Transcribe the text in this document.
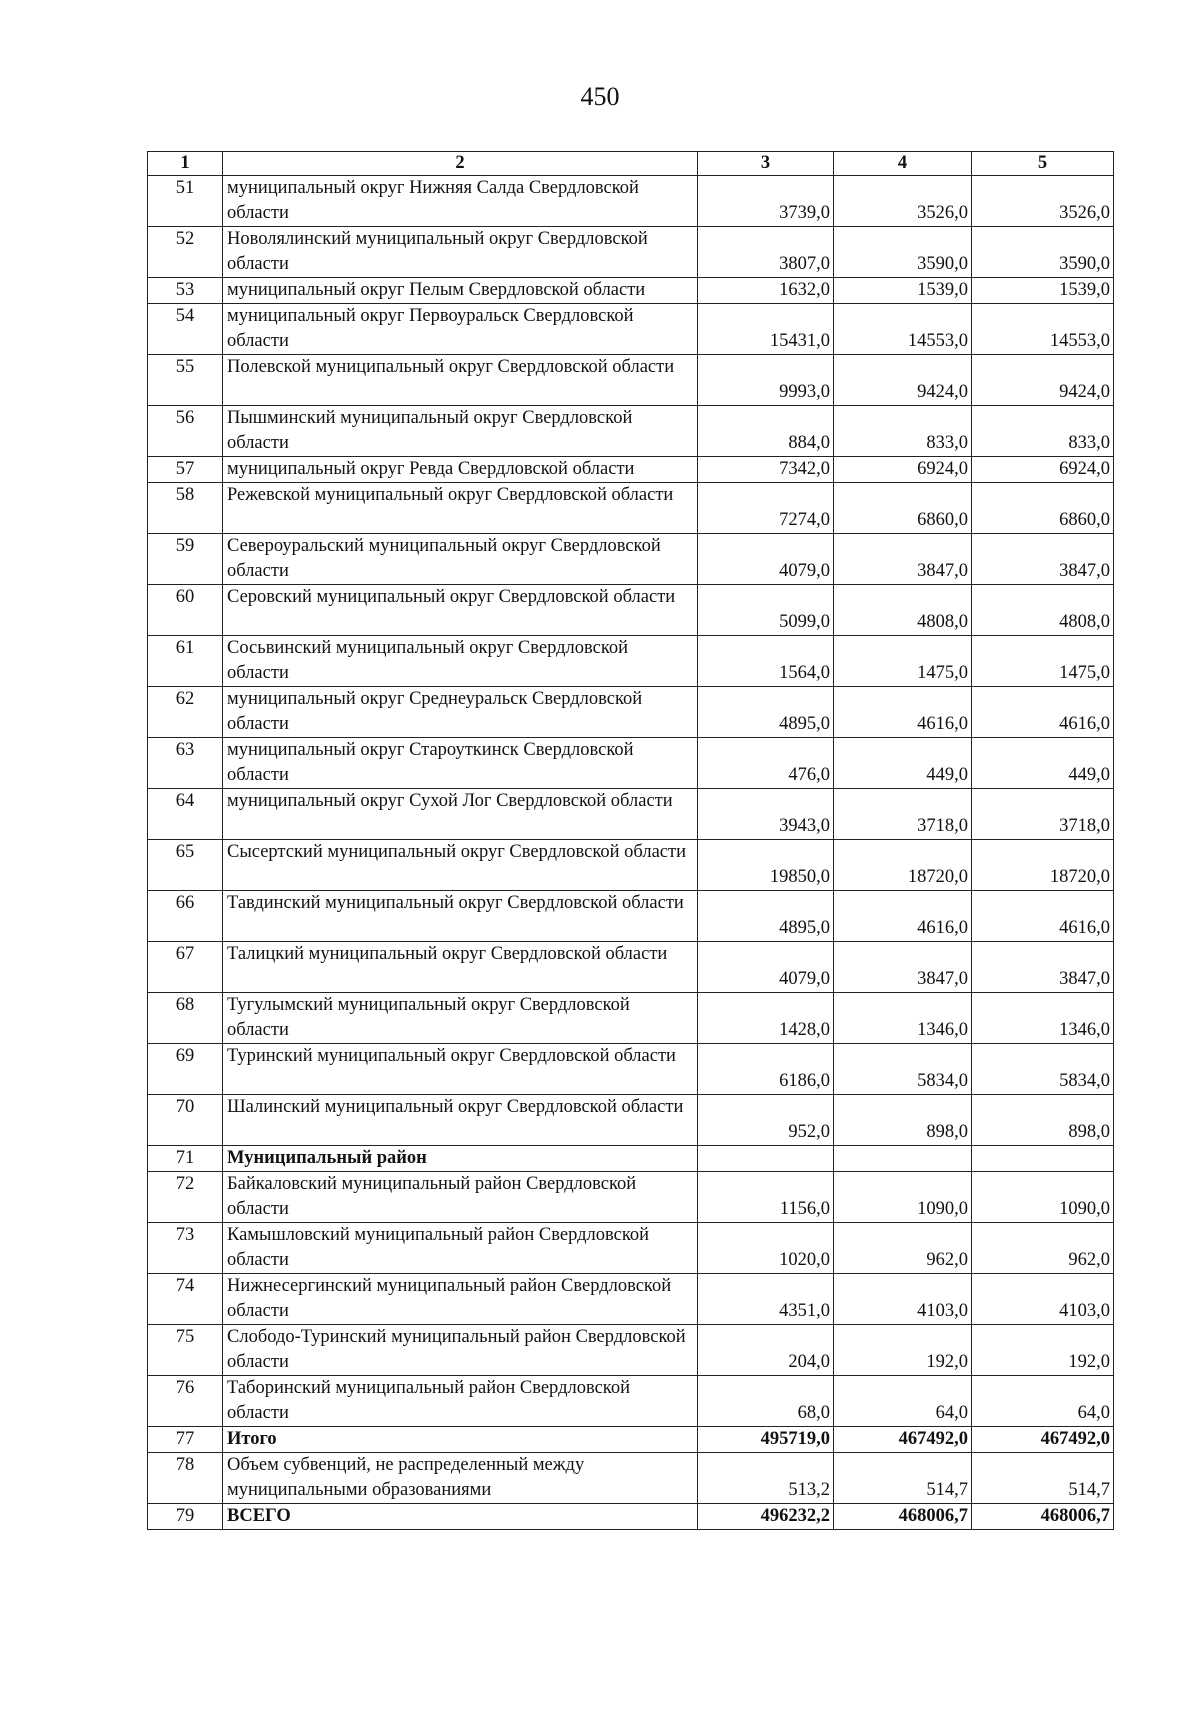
450
1	2	3	4	5
51	муниципальный округ Нижняя Салда Свердловской области	3739,0	3526,0	3526,0
52	Новолялинский муниципальный округ Свердловской области	3807,0	3590,0	3590,0
53	муниципальный округ Пелым Свердловской области	1632,0	1539,0	1539,0
54	муниципальный округ Первоуральск Свердловской области	15431,0	14553,0	14553,0
55	Полевской муниципальный округ Свердловской области	9993,0	9424,0	9424,0
56	Пышминский муниципальный округ Свердловской области	884,0	833,0	833,0
57	муниципальный округ Ревда Свердловской области	7342,0	6924,0	6924,0
58	Режевской муниципальный округ Свердловской области	7274,0	6860,0	6860,0
59	Североуральский муниципальный округ Свердловской области	4079,0	3847,0	3847,0
60	Серовский муниципальный округ Свердловской области	5099,0	4808,0	4808,0
61	Сосьвинский муниципальный округ Свердловской области	1564,0	1475,0	1475,0
62	муниципальный округ Среднеуральск Свердловской области	4895,0	4616,0	4616,0
63	муниципальный округ Староуткинск Свердловской области	476,0	449,0	449,0
64	муниципальный округ Сухой Лог Свердловской области	3943,0	3718,0	3718,0
65	Сысертский муниципальный округ Свердловской области	19850,0	18720,0	18720,0
66	Тавдинский муниципальный округ Свердловской области	4895,0	4616,0	4616,0
67	Талицкий муниципальный округ Свердловской области	4079,0	3847,0	3847,0
68	Тугулымский муниципальный округ Свердловской области	1428,0	1346,0	1346,0
69	Туринский муниципальный округ Свердловской области	6186,0	5834,0	5834,0
70	Шалинский муниципальный округ Свердловской области	952,0	898,0	898,0
71	Муниципальный район			
72	Байкаловский муниципальный район Свердловской области	1156,0	1090,0	1090,0
73	Камышловский муниципальный район Свердловской области	1020,0	962,0	962,0
74	Нижнесергинский муниципальный район Свердловской области	4351,0	4103,0	4103,0
75	Слободо-Туринский муниципальный район Свердловской области	204,0	192,0	192,0
76	Таборинский муниципальный район Свердловской области	68,0	64,0	64,0
77	Итого	495719,0	467492,0	467492,0
78	Объем субвенций, не распределенный между муниципальными образованиями	513,2	514,7	514,7
79	ВСЕГО	496232,2	468006,7	468006,7
